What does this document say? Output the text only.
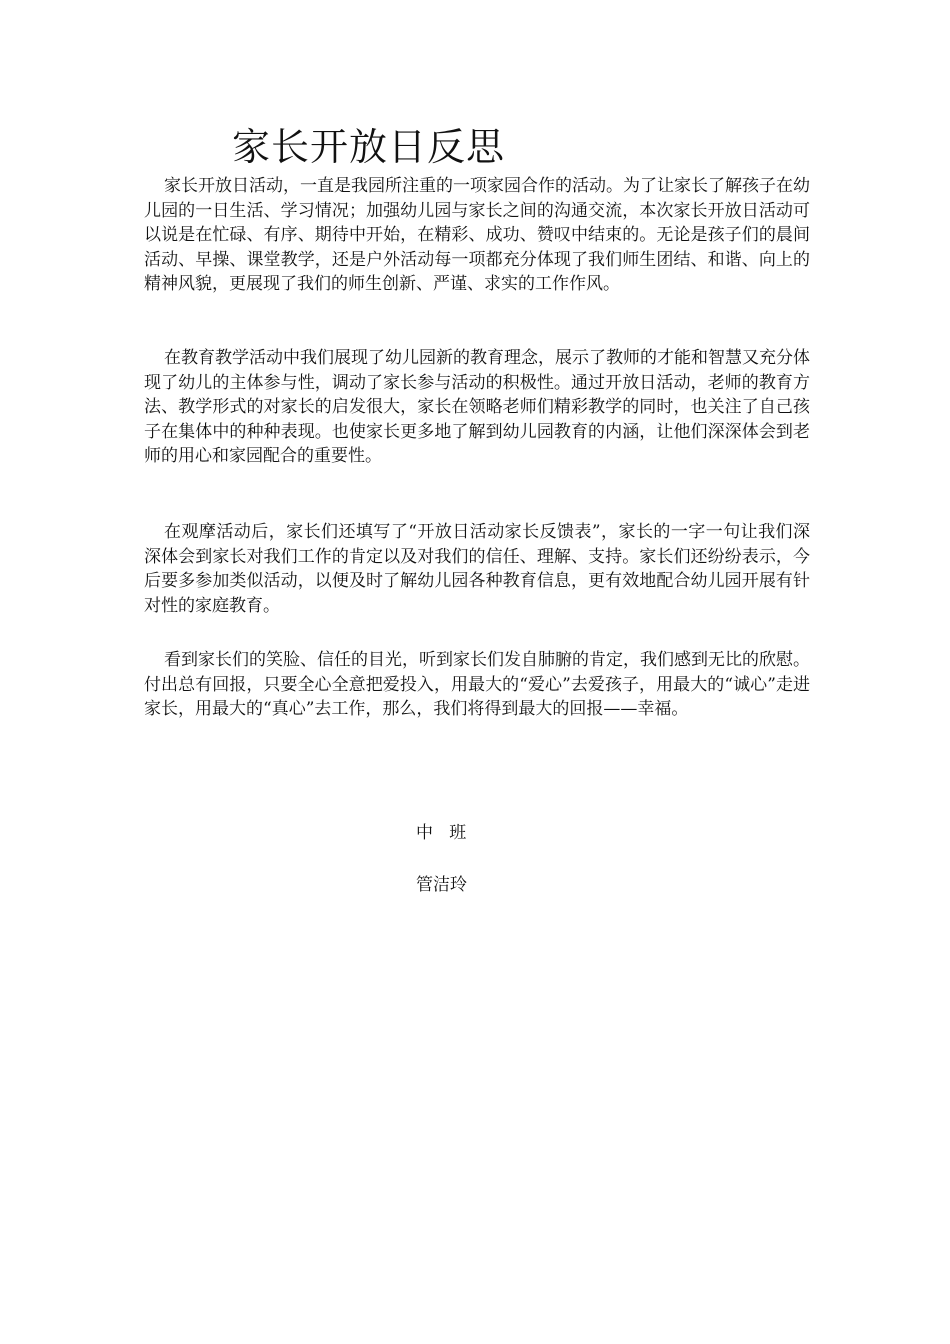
家长开放日反思

家长开放日活动，一直是我园所注重的一项家园合作的活动。为了让家长了解孩子在幼儿园的一日生活、学习情况；加强幼儿园与家长之间的沟通交流，本次家长开放日活动可以说是在忙碌、有序、期待中开始，在精彩、成功、赞叹中结束的。无论是孩子们的晨间活动、早操、课堂教学，还是户外活动每一项都充分体现了我们师生团结、和谐、向上的精神风貌，更展现了我们的师生创新、严谨、求实的工作作风。

在教育教学活动中我们展现了幼儿园新的教育理念，展示了教师的才能和智慧又充分体现了幼儿的主体参与性，调动了家长参与活动的积极性。通过开放日活动，老师的教育方法、教学形式的对家长的启发很大，家长在领略老师们精彩教学的同时，也关注了自己孩子在集体中的种种表现。也使家长更多地了解到幼儿园教育的内涵，让他们深深体会到老师的用心和家园配合的重要性。

在观摩活动后，家长们还填写了“开放日活动家长反馈表”，家长的一字一句让我们深深体会到家长对我们工作的肯定以及对我们的信任、理解、支持。家长们还纷纷表示，今后要多参加类似活动，以便及时了解幼儿园各种教育信息，更有效地配合幼儿园开展有针对性的家庭教育。

看到家长们的笑脸、信任的目光，听到家长们发自肺腑的肯定，我们感到无比的欣慰。付出总有回报，只要全心全意把爱投入，用最大的“爱心”去爱孩子，用最大的“诚心”走进家长，用最大的“真心”去工作，那么，我们将得到最大的回报——幸福。

中   班

管洁玲
